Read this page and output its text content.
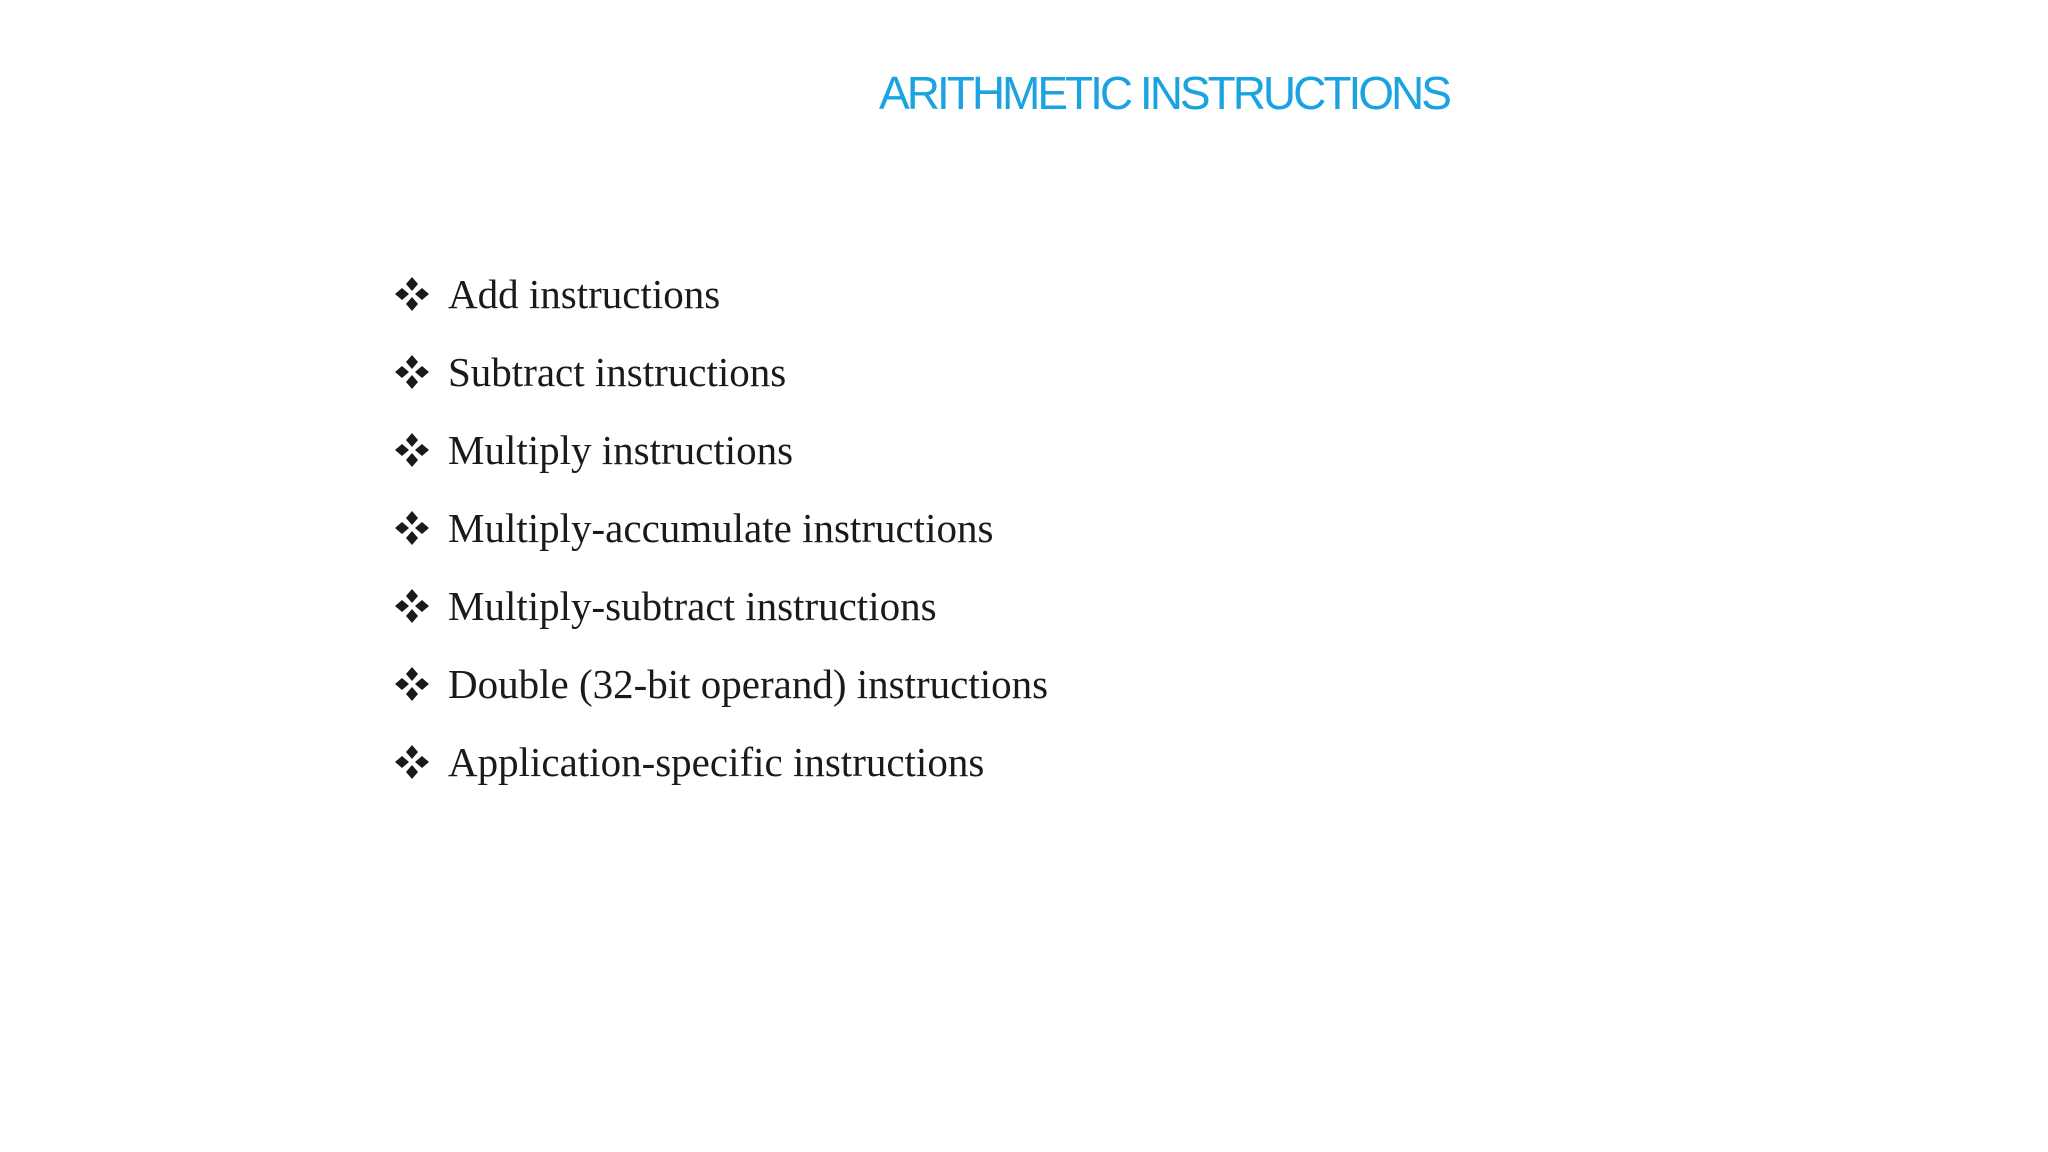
ARITHMETIC INSTRUCTIONS
Add instructions
Subtract instructions
Multiply instructions
Multiply-accumulate instructions
Multiply-subtract instructions
Double (32-bit operand) instructions
Application-specific instructions
